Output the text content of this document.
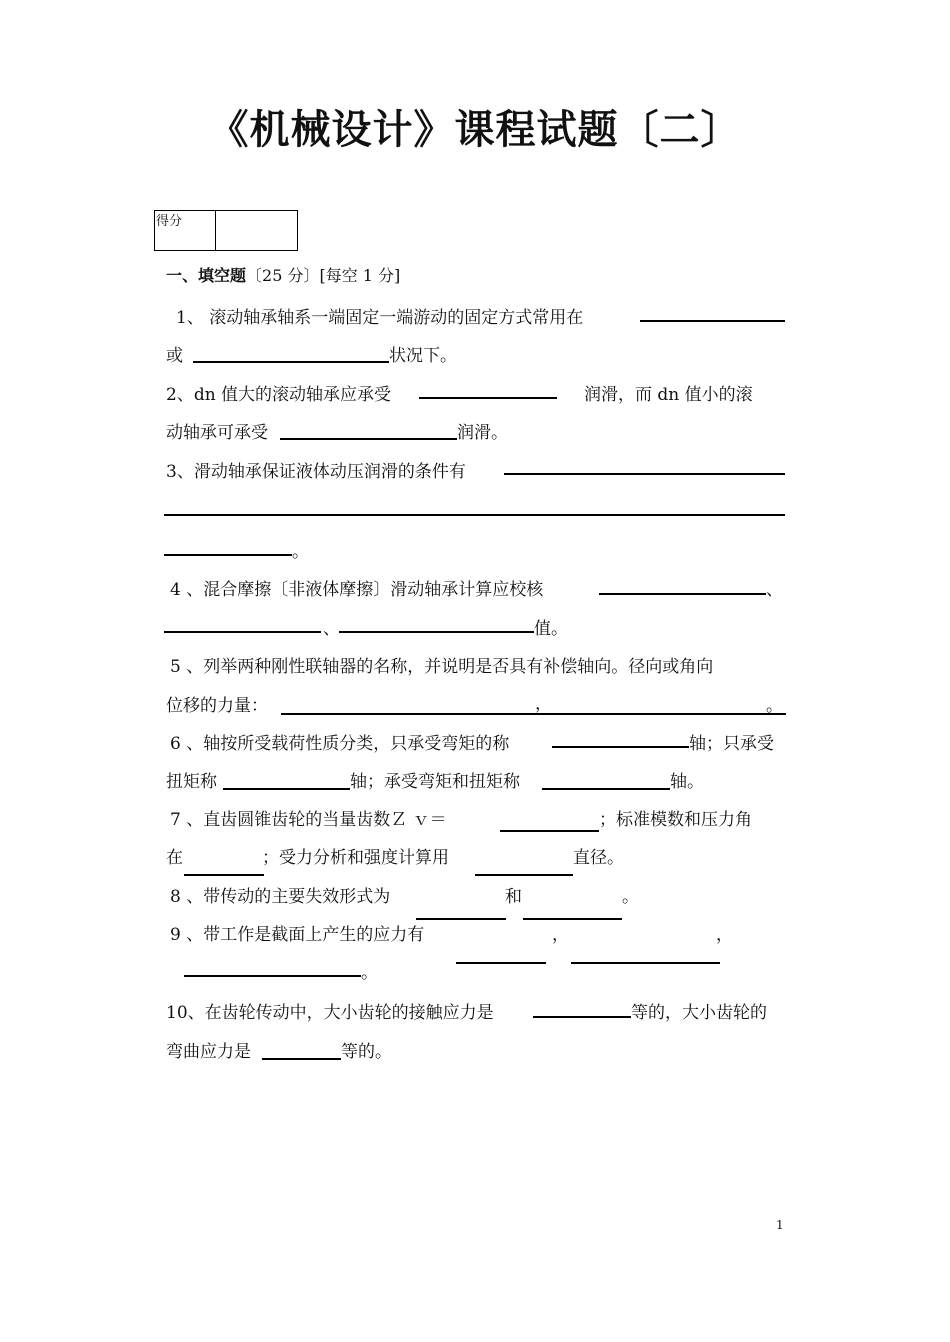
《机械设计》课程试题〔二〕
得分
一、填空题〔25 分〕[每空 1 分]
1、 滚动轴承轴系一端固定一端游动的固定方式常用在
或	状况下。
2、dn 值大的滚动轴承应承受	润滑，而 dn 值小的滚
动轴承可承受	润滑。
3、滑动轴承保证液体动压润滑的条件有
。
4 、混合摩擦〔非液体摩擦〕滑动轴承计算应校核	、
、	值。
5 、列举两种刚性联轴器的名称，并说明是否具有补偿轴向。径向或角向
位移的力量：	，	。
6 、轴按所受载荷性质分类，只承受弯矩的称	轴；只承受
扭矩称	轴；承受弯矩和扭矩称	轴。
7 、直齿圆锥齿轮的当量齿数Ｚ ｖ＝	；标准模数和压力角
在	；受力分析和强度计算用	直径。
8 、带传动的主要失效形式为	和	。
9 、带工作是截面上产生的应力有	，	，
。
10、在齿轮传动中，大小齿轮的接触应力是	等的，大小齿轮的
弯曲应力是	等的。
1
